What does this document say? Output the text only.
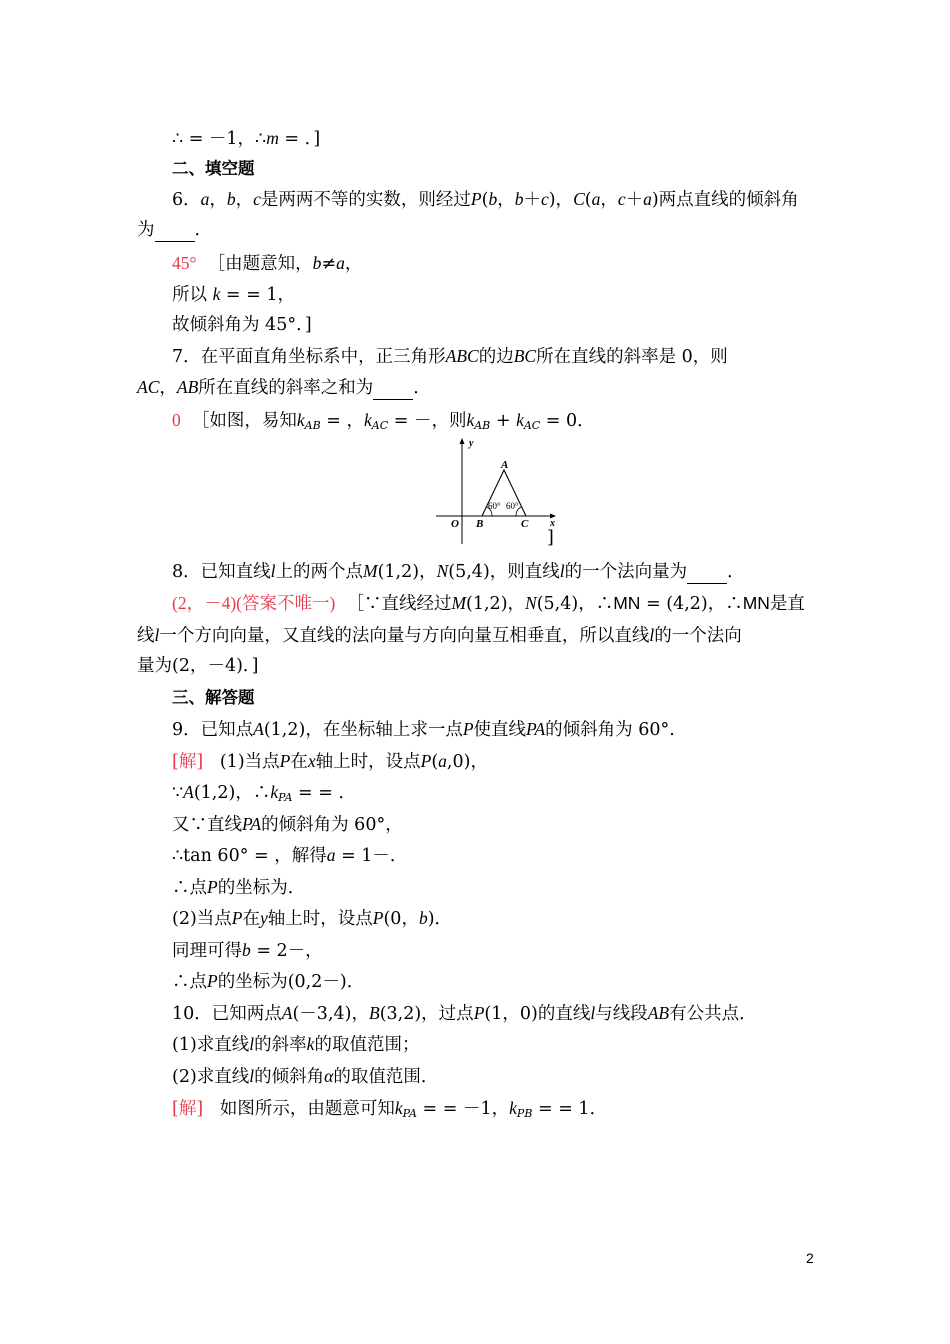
∴ = －1，∴m = ．]
二、填空题
6．a，b，c是两两不等的实数，则经过P(b，b＋c)，C(a，c＋a)两点直线的倾斜角
为 ．
45° ［由题意知，b≠a，
所以 k = = 1，
故倾斜角为 45°．]
7．在平面直角坐标系中，正三角形ABC的边BC所在直线的斜率是 0，则
AC，AB所在直线的斜率之和为 ．
0 ［如图，易知$k_{AB}$ = ，$k_{AC}$ = －，则$k_{AB} + k_{AC} = 0$．
y
x
O
A
B	C
60° 60°
]
8．已知直线l上的两个点M(1,2)，N(5,4)，则直线l的一个法向量为 ．
(2，－4)(答案不唯一) ［∵直线经过M(1,2)，N(5,4)，∴MN = (4,2)，∴MN是直
线l一个方向向量，又直线的法向量与方向向量互相垂直，所以直线l的一个法向
量为(2，－4)．]
三、解答题
9．已知点A(1,2)，在坐标轴上求一点P使直线PA的倾斜角为 60°.
[解] (1)当点P在x轴上时，设点P(a,0)，
∵A(1,2)，$\therefore k_{PA}$ = = ．
又∵直线PA的倾斜角为 60°，
∴tan 60° = ，解得a = 1－．
∴点P的坐标为．
(2)当点P在y轴上时，设点P(0，b)．
同理可得b = 2－，
∴点P的坐标为(0,2－)．
10．已知两点A(－3,4)，B(3,2)，过点P(1，0)的直线l与线段AB有公共点．
(1)求直线l的斜率k的取值范围；
(2)求直线l的倾斜角α的取值范围．
[解] 如图所示，由题意可知$k_{PA}$ = = －1，$k_{PB}$ = = 1．
2
